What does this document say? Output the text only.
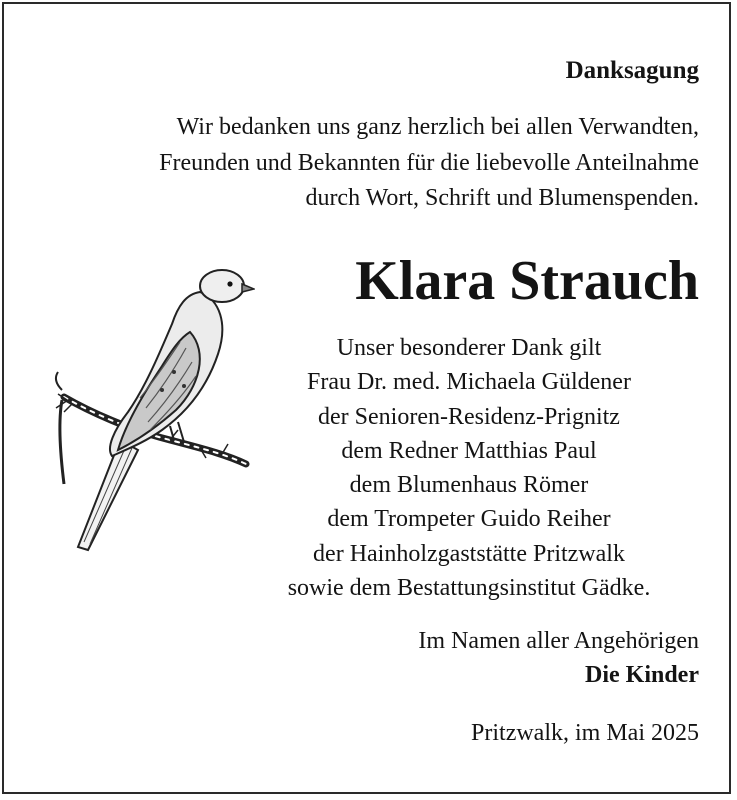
Danksagung
Wir bedanken uns ganz herzlich bei allen Verwandten,
Freunden und Bekannten für die liebevolle Anteilnahme
durch Wort, Schrift und Blumenspenden.
Klara Strauch
Unser besonderer Dank gilt
Frau Dr. med. Michaela Güldener
der Senioren-Residenz-Prignitz
dem Redner Matthias Paul
dem Blumenhaus Römer
dem Trompeter Guido Reiher
der Hainholzgaststätte Pritzwalk
sowie dem Bestattungsinstitut Gädke.
Im Namen aller Angehörigen
Die Kinder
Pritzwalk, im Mai 2025
